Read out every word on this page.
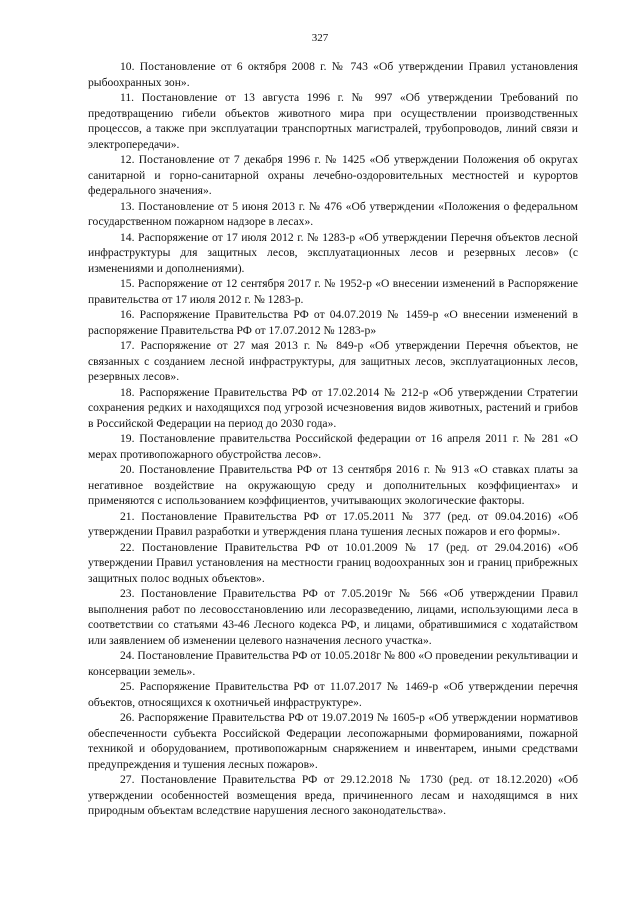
327

10. Постановление от 6 октября 2008 г. № 743 «Об утверждении Правил установления рыбоохранных зон».

11. Постановление от 13 августа 1996 г. № 997 «Об утверждении Требований по предотвращению гибели объектов животного мира при осуществлении производственных процессов, а также при эксплуатации транспортных магистралей, трубопроводов, линий связи и электропередачи».

12. Постановление от 7 декабря 1996 г. № 1425 «Об утверждении Положения об округах санитарной и горно-санитарной охраны лечебно-оздоровительных местностей и курортов федерального значения».

13. Постановление от 5 июня 2013 г. № 476 «Об утверждении «Положения о федеральном государственном пожарном надзоре в лесах».

14. Распоряжение от 17 июля 2012 г. № 1283-р «Об утверждении Перечня объектов лесной инфраструктуры для защитных лесов, эксплуатационных лесов и резервных лесов» (с изменениями и дополнениями).

15. Распоряжение от 12 сентября 2017 г. № 1952-р «О внесении изменений в Распоряжение правительства от 17 июля 2012 г. № 1283-р.

16. Распоряжение Правительства РФ от 04.07.2019 № 1459-р «О внесении изменений в распоряжение Правительства РФ от 17.07.2012 № 1283-р»

17. Распоряжение от 27 мая 2013 г. № 849-р «Об утверждении Перечня объектов, не связанных с созданием лесной инфраструктуры, для защитных лесов, эксплуатационных лесов, резервных лесов».

18. Распоряжение Правительства РФ от 17.02.2014 № 212-р «Об утверждении Стратегии сохранения редких и находящихся под угрозой исчезновения видов животных, растений и грибов в Российской Федерации на период до 2030 года».

19. Постановление правительства Российской федерации от 16 апреля 2011 г. № 281 «О мерах противопожарного обустройства лесов».

20. Постановление Правительства РФ от 13 сентября 2016 г. № 913 «О ставках платы за негативное воздействие на окружающую среду и дополнительных коэффициентах» и применяются с использованием коэффициентов, учитывающих экологические факторы.

21. Постановление Правительства РФ от 17.05.2011 № 377 (ред. от 09.04.2016) «Об утверждении Правил разработки и утверждения плана тушения лесных пожаров и его формы».

22. Постановление Правительства РФ от 10.01.2009 № 17 (ред. от 29.04.2016) «Об утверждении Правил установления на местности границ водоохранных зон и границ прибрежных защитных полос водных объектов».

23. Постановление Правительства РФ от 7.05.2019г № 566 «Об утверждении Правил выполнения работ по лесовосстановлению или лесоразведению, лицами, использующими леса в соответствии со статьями 43-46 Лесного кодекса РФ, и лицами, обратившимися с ходатайством или заявлением об изменении целевого назначения лесного участка».

24. Постановление Правительства РФ от 10.05.2018г № 800 «О проведении рекультивации и консервации земель».

25. Распоряжение Правительства РФ от 11.07.2017 № 1469-р «Об утверждении перечня объектов, относящихся к охотничьей инфраструктуре».

26. Распоряжение Правительства РФ от 19.07.2019 № 1605-р «Об утверждении нормативов обеспеченности субъекта Российской Федерации лесопожарными формированиями, пожарной техникой и оборудованием, противопожарным снаряжением и инвентарем, иными средствами предупреждения и тушения лесных пожаров».

27. Постановление Правительства РФ от 29.12.2018 № 1730 (ред. от 18.12.2020) «Об утверждении особенностей возмещения вреда, причиненного лесам и находящимся в них природным объектам вследствие нарушения лесного законодательства».
